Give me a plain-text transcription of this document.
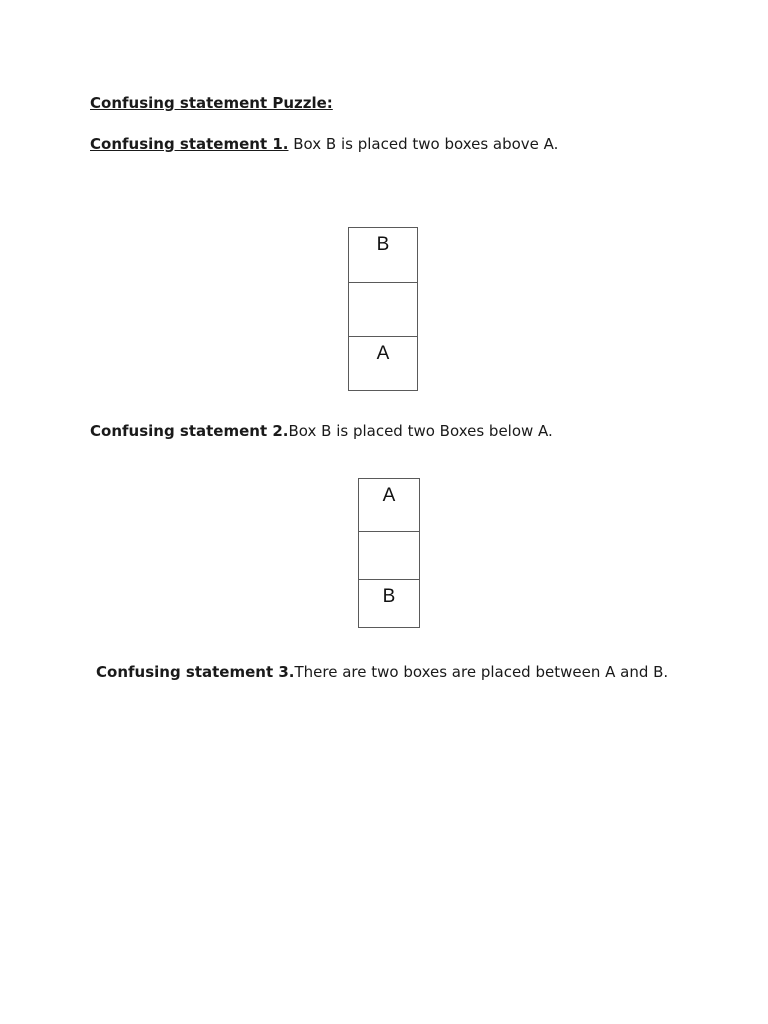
Confusing statement Puzzle:

Confusing statement 1. Box B is placed two boxes above A.

B
A

Confusing statement 2.Box B is placed two Boxes below A.

A
B

Confusing statement 3.There are two boxes are placed between A and B.
